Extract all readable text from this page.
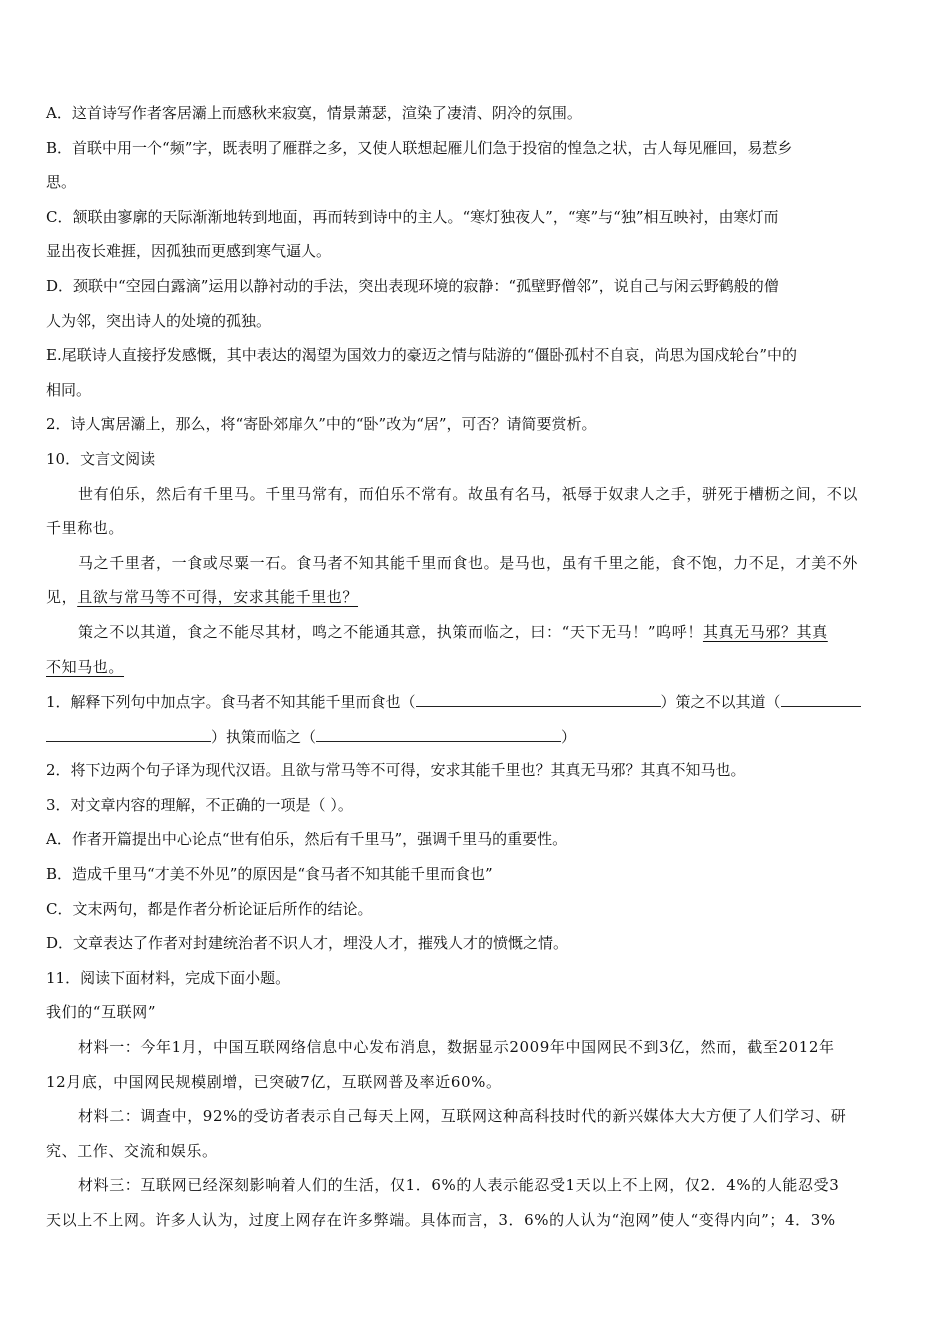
A．这首诗写作者客居灞上而感秋来寂寞，情景萧瑟，渲染了凄清、阴冷的氛围。
B．首联中用一个“频”字，既表明了雁群之多，又使人联想起雁儿们急于投宿的惶急之状，古人每见雁回，易惹乡
思。
C．颔联由寥廓的天际渐渐地转到地面，再而转到诗中的主人。“寒灯独夜人”，“寒”与“独”相互映衬，由寒灯而
显出夜长难捱，因孤独而更感到寒气逼人。
D．颈联中“空园白露滴”运用以静衬动的手法，突出表现环境的寂静：“孤壁野僧邻”，说自己与闲云野鹤般的僧
人为邻，突出诗人的处境的孤独。
E.尾联诗人直接抒发感慨，其中表达的渴望为国效力的豪迈之情与陆游的“僵卧孤村不自哀，尚思为国戍轮台”中的
相同。
2．诗人寓居灞上，那么，将“寄卧郊扉久”中的“卧”改为“居”，可否？请简要赏析。
10．文言文阅读
世有伯乐，然后有千里马。千里马常有，而伯乐不常有。故虽有名马，祇辱于奴隶人之手，骈死于槽枥之间，不以
千里称也。
马之千里者，一食或尽粟一石。食马者不知其能千里而食也。是马也，虽有千里之能，食不饱，力不足，才美不外
见，且欲与常马等不可得，安求其能千里也？
策之不以其道，食之不能尽其材，鸣之不能通其意，执策而临之，曰：“天下无马！”呜呼！其真无马邪？其真
不知马也。
1．解释下列句中加点字。食马者不知其能千里而食也（	）策之不以其道（
）执策而临之（	）
2．将下边两个句子译为现代汉语。且欲与常马等不可得，安求其能千里也？其真无马邪？其真不知马也。
3．对文章内容的理解，不正确的一项是（ ）。
A．作者开篇提出中心论点“世有伯乐，然后有千里马”，强调千里马的重要性。
B．造成千里马“才美不外见”的原因是“食马者不知其能千里而食也”
C．文末两句，都是作者分析论证后所作的结论。
D．文章表达了作者对封建统治者不识人才，埋没人才，摧残人才的愤慨之情。
11．阅读下面材料，完成下面小题。
我们的“互联网”
材料一：今年1月，中国互联网络信息中心发布消息，数据显示2009年中国网民不到3亿，然而，截至2012年
12月底，中国网民规模剧增，已突破7亿，互联网普及率近60%。
材料二：调查中，92%的受访者表示自己每天上网，互联网这种高科技时代的新兴媒体大大方便了人们学习、研
究、工作、交流和娱乐。
材料三：互联网已经深刻影响着人们的生活，仅1．6%的人表示能忍受1天以上不上网，仅2．4%的人能忍受3
天以上不上网。许多人认为，过度上网存在许多弊端。具体而言，3．6%的人认为“泡网”使人“变得内向”；4．3%
